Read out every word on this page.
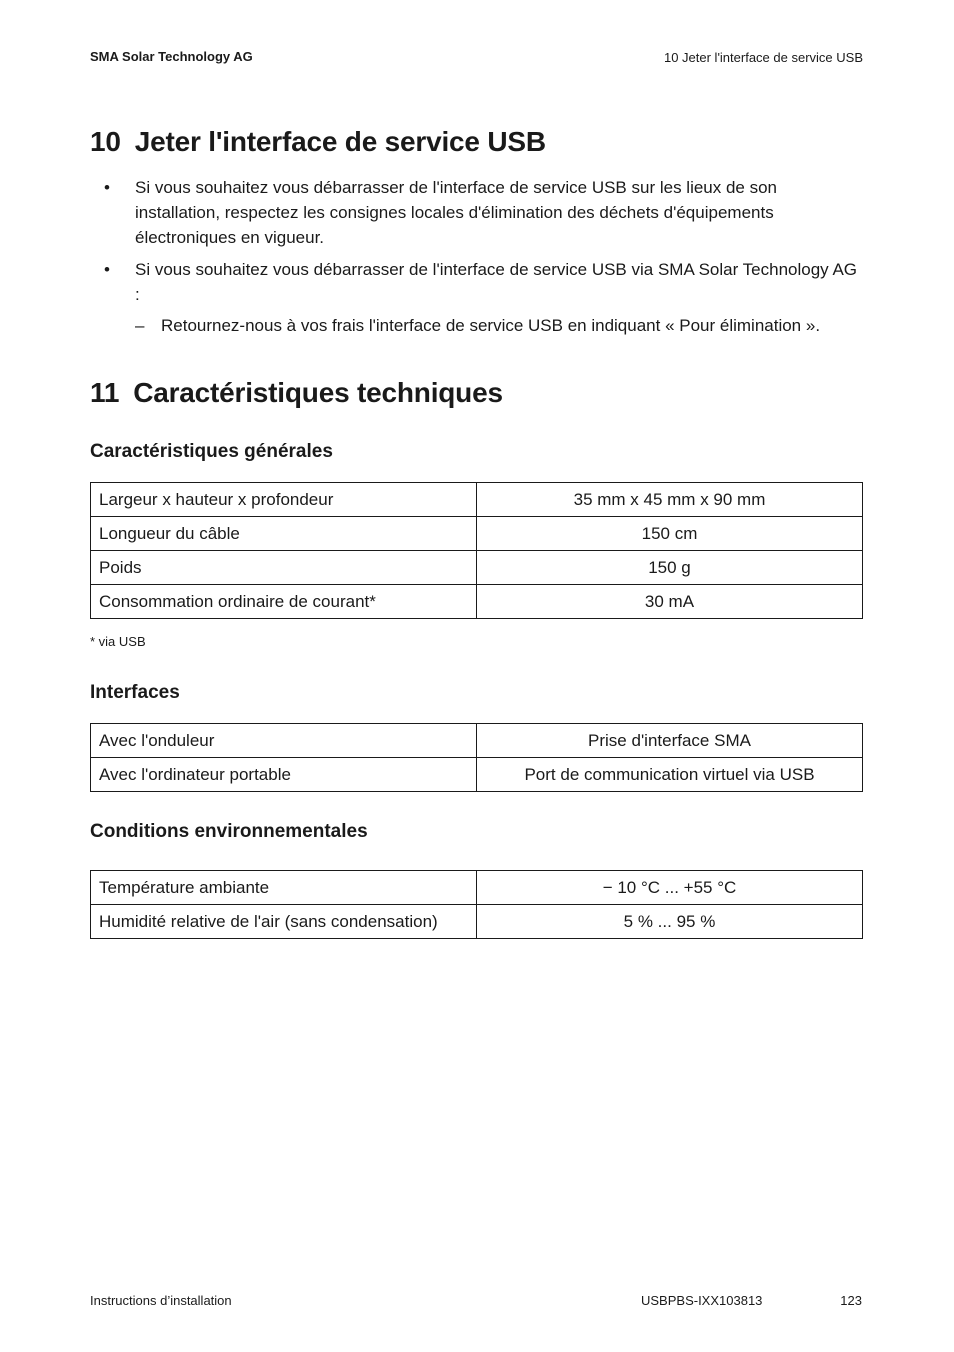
SMA Solar Technology AG	10 Jeter l'interface de service USB
10 Jeter l'interface de service USB
• Si vous souhaitez vous débarrasser de l'interface de service USB sur les lieux de son installation, respectez les consignes locales d'élimination des déchets d'équipements électroniques en vigueur.
• Si vous souhaitez vous débarrasser de l'interface de service USB via SMA Solar Technology AG :
– Retournez-nous à vos frais l'interface de service USB en indiquant « Pour élimination ».
11 Caractéristiques techniques
Caractéristiques générales
Largeur x hauteur x profondeur	35 mm x 45 mm x 90 mm
Longueur du câble	150 cm
Poids	150 g
Consommation ordinaire de courant*	30 mA
* via USB
Interfaces
Avec l'onduleur	Prise d'interface SMA
Avec l'ordinateur portable	Port de communication virtuel via USB
Conditions environnementales
Température ambiante	− 10 °C ... +55 °C
Humidité relative de l'air (sans condensation)	5 % ... 95 %
Instructions d’installation	USBPBS-IXX103813	123
